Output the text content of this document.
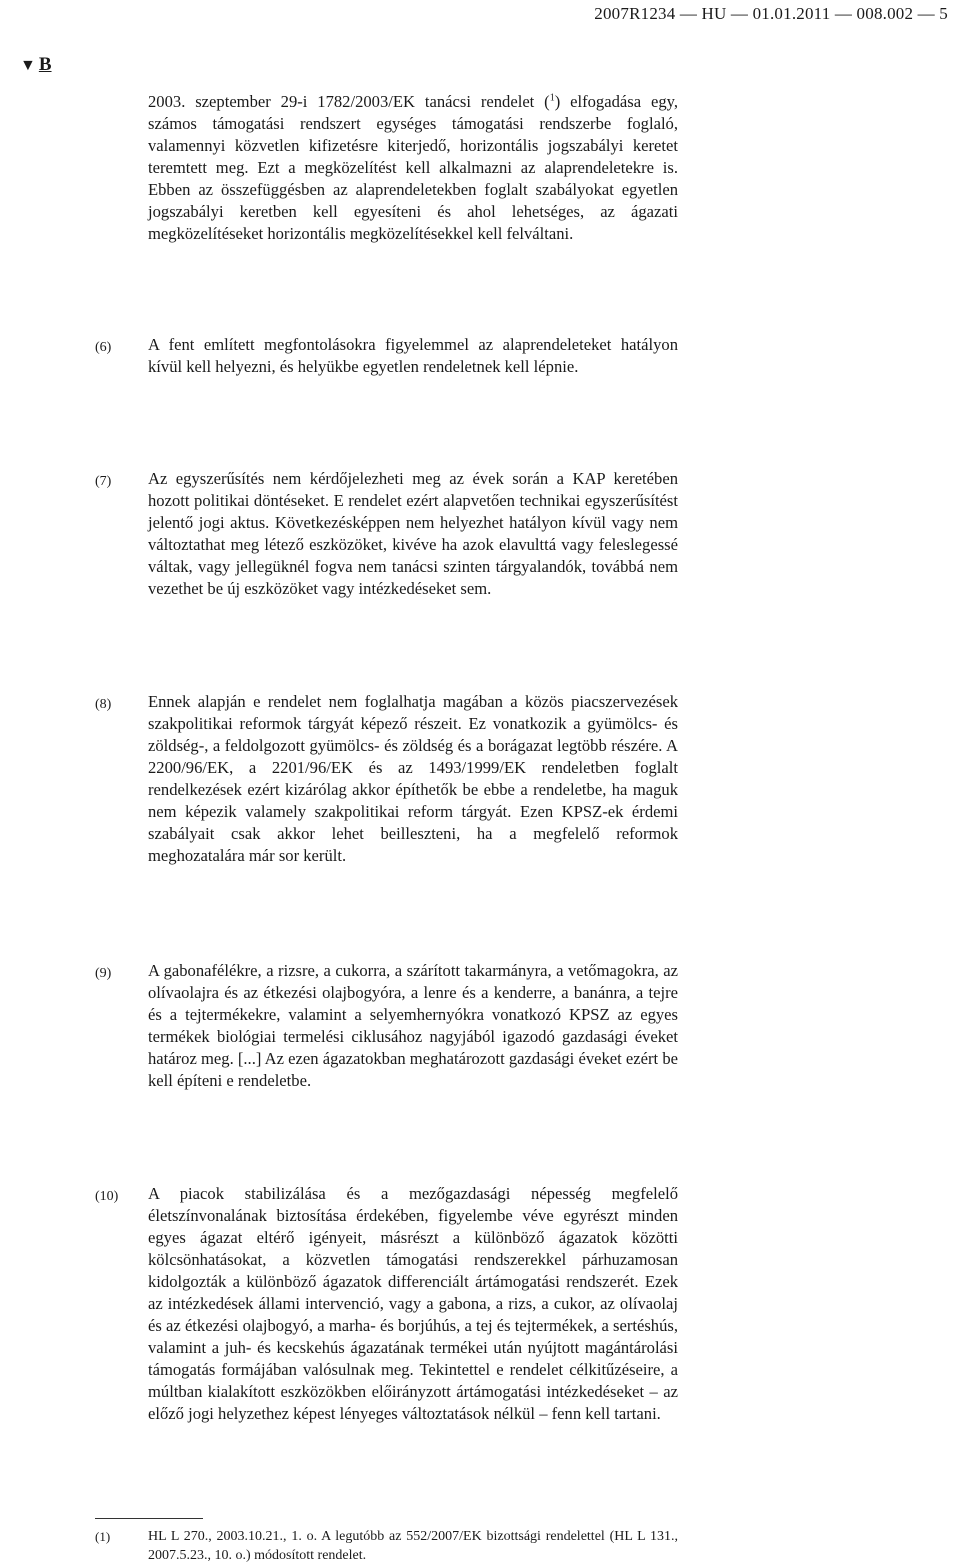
2007R1234 — HU — 01.01.2011 — 008.002 — 5
▼ B
2003. szeptember 29-i 1782/2003/EK tanácsi rendelet ($^1$) elfogadása egy, számos támogatási rendszert egységes támogatási rendszerbe foglaló, valamennyi közvetlen kifizetésre kiterjedő, horizontális jogszabályi keretet teremtett meg. Ezt a megközelítést kell alkalmazni az alaprendeletekre is. Ebben az összefüggésben az alaprendeletekben foglalt szabályokat egyetlen jogszabályi keretben kell egyesíteni és ahol lehetséges, az ágazati megközelítéseket horizontális megközelítésekkel kell felváltani.
(6) A fent említett megfontolásokra figyelemmel az alaprendeleteket hatályon kívül kell helyezni, és helyükbe egyetlen rendeletnek kell lépnie.
(7) Az egyszerűsítés nem kérdőjelezheti meg az évek során a KAP keretében hozott politikai döntéseket. E rendelet ezért alapvetően technikai egyszerűsítést jelentő jogi aktus. Következésképpen nem helyezhet hatályon kívül vagy nem változtathat meg létező eszközöket, kivéve ha azok elavulttá vagy feleslegessé váltak, vagy jellegüknél fogva nem tanácsi szinten tárgyalandók, továbbá nem vezethet be új eszközöket vagy intézkedéseket sem.
(8) Ennek alapján e rendelet nem foglalhatja magában a közös piacszervezések szakpolitikai reformok tárgyát képező részeit. Ez vonatkozik a gyümölcs- és zöldség-, a feldolgozott gyümölcs- és zöldség és a borágazat legtöbb részére. A 2200/96/EK, a 2201/96/EK és az 1493/1999/EK rendeletben foglalt rendelkezések ezért kizárólag akkor építhetők be ebbe a rendeletbe, ha maguk nem képezik valamely szakpolitikai reform tárgyát. Ezen KPSZ-ek érdemi szabályait csak akkor lehet beilleszteni, ha a megfelelő reformok meghozatalára már sor került.
(9) A gabonafélékre, a rizsre, a cukorra, a szárított takarmányra, a vetőmagokra, az olívaolajra és az étkezési olajbogyóra, a lenre és a kenderre, a banánra, a tejre és a tejtermékekre, valamint a selyemhernyókra vonatkozó KPSZ az egyes termékek biológiai termelési ciklusához nagyjából igazodó gazdasági éveket határoz meg. [...] Az ezen ágazatokban meghatározott gazdasági éveket ezért be kell építeni e rendeletbe.
(10) A piacok stabilizálása és a mezőgazdasági népesség megfelelő életszínvonalának biztosítása érdekében, figyelembe véve egyrészt minden egyes ágazat eltérő igényeit, másrészt a különböző ágazatok közötti kölcsönhatásokat, a közvetlen támogatási rendszerekkel párhuzamosan kidolgozták a különböző ágazatok differenciált ártámogatási rendszerét. Ezek az intézkedések állami intervenció, vagy a gabona, a rizs, a cukor, az olívaolaj és az étkezési olajbogyó, a marha- és borjúhús, a tej és tejtermékek, a sertéshús, valamint a juh- és kecskehús ágazatának termékei után nyújtott magántárolási támogatás formájában valósulnak meg. Tekintettel e rendelet célkitűzéseire, a múltban kialakított eszközökben előirányzott ártámogatási intézkedéseket – az előző jogi helyzethez képest lényeges változtatások nélkül – fenn kell tartani.
(1)	HL L 270., 2003.10.21., 1. o. A legutóbb az 552/2007/EK bizottsági rendelettel (HL L 131., 2007.5.23., 10. o.) módosított rendelet.
